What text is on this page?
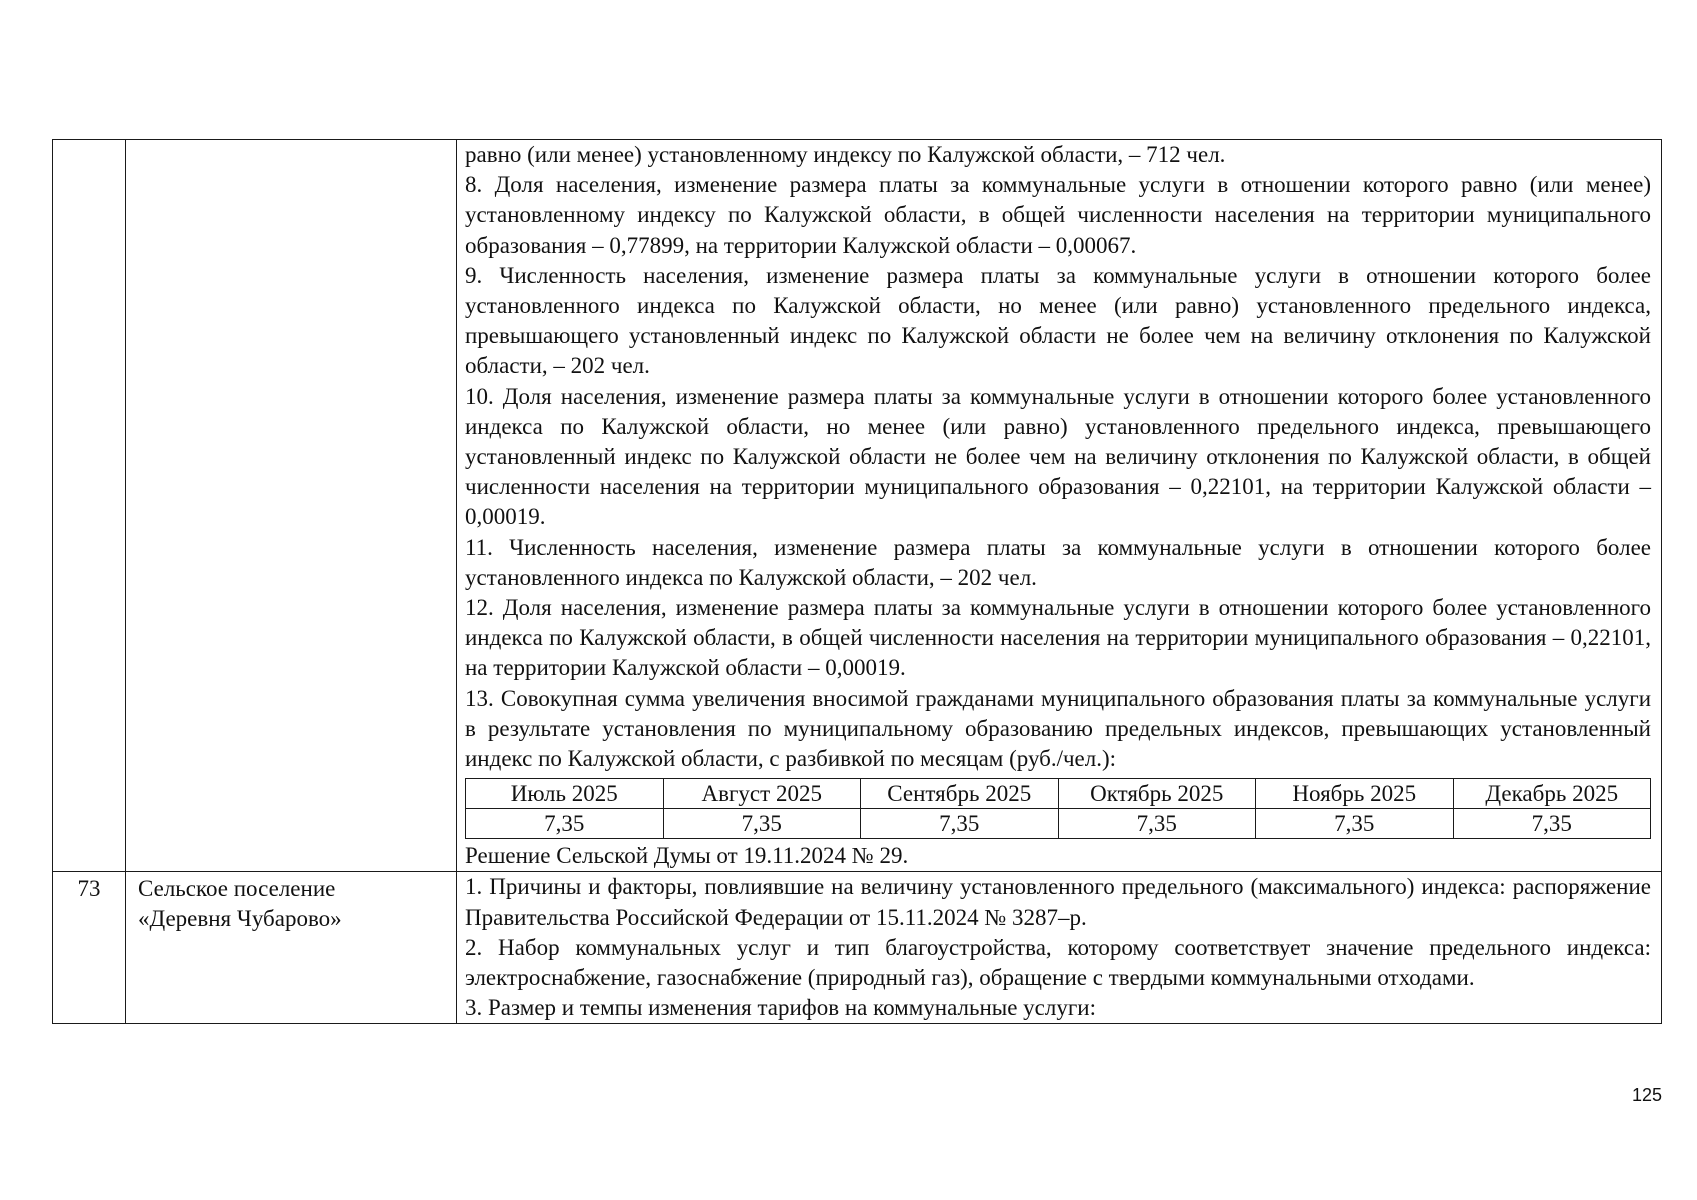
равно (или менее) установленному индексу по Калужской области, – 712 чел.

8. Доля населения, изменение размера платы за коммунальные услуги в отношении которого равно (или менее) установленному индексу по Калужской области, в общей численности населения на территории муниципального образования – 0,77899, на территории Калужской области – 0,00067.

9. Численность населения, изменение размера платы за коммунальные услуги в отношении которого более установленного индекса по Калужской области, но менее (или равно) установленного предельного индекса, превышающего установленный индекс по Калужской области не более чем на величину отклонения по Калужской области, – 202 чел.

10. Доля населения, изменение размера платы за коммунальные услуги в отношении которого более установленного индекса по Калужской области, но менее (или равно) установленного предельного индекса, превышающего установленный индекс по Калужской области не более чем на величину отклонения по Калужской области, в общей численности населения на территории муниципального образования – 0,22101, на территории Калужской области – 0,00019.

11. Численность населения, изменение размера платы за коммунальные услуги в отношении которого более установленного индекса по Калужской области, – 202 чел.

12. Доля населения, изменение размера платы за коммунальные услуги в отношении которого более установленного индекса по Калужской области, в общей численности населения на территории муниципального образования – 0,22101, на территории Калужской области – 0,00019.

13. Совокупная сумма увеличения вносимой гражданами муниципального образования платы за коммунальные услуги в результате установления по муниципальному образованию предельных индексов, превышающих установленный индекс по Калужской области, с разбивкой по месяцам (руб./чел.):

Июль 2025	Август 2025	Сентябрь 2025	Октябрь 2025	Ноябрь 2025	Декабрь 2025
7,35	7,35	7,35	7,35	7,35	7,35

Решение Сельской Думы от 19.11.2024 № 29.

73	Сельское поселение
«Деревня Чубарово»

1. Причины и факторы, повлиявшие на величину установленного предельного (максимального) индекса: распоряжение Правительства Российской Федерации от 15.11.2024 № 3287–р.

2. Набор коммунальных услуг и тип благоустройства, которому соответствует значение предельного индекса: электроснабжение, газоснабжение (природный газ), обращение с твердыми коммунальными отходами.

3. Размер и темпы изменения тарифов на коммунальные услуги:

125
